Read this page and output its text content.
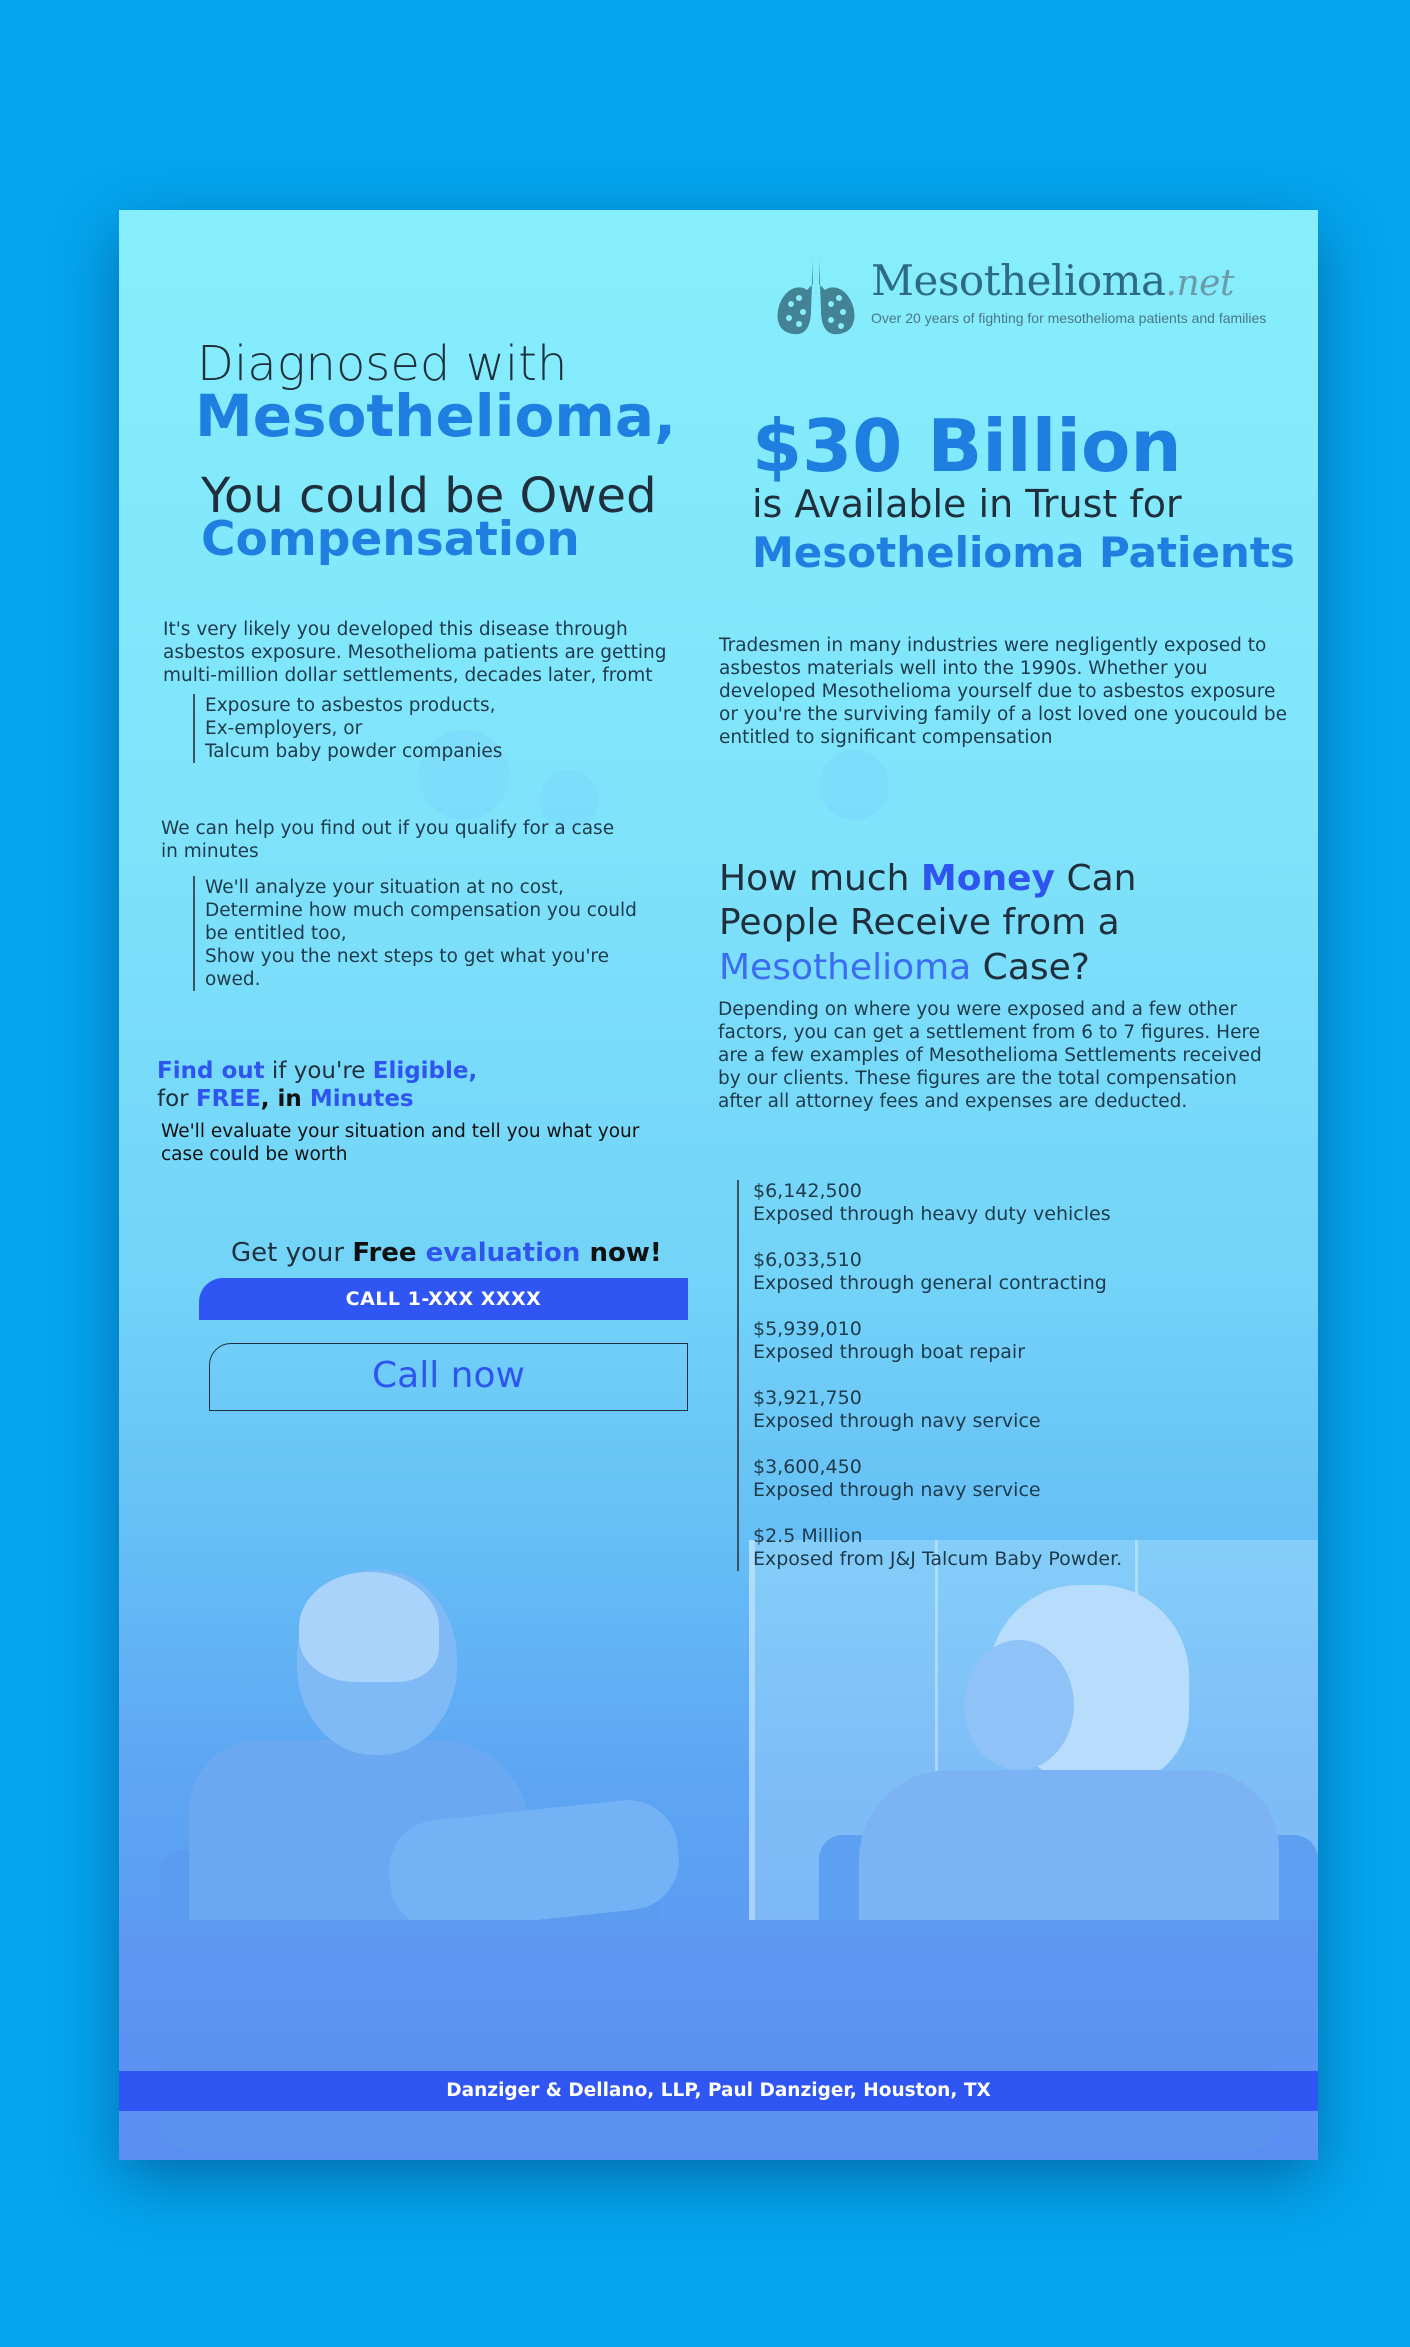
Mesothelioma.net
Over 20 years of fighting for mesothelioma patients and families
Diagnosed with
Mesothelioma,
You could be Owed
Compensation
$30 Billion
is Available in Trust for
Mesothelioma Patients
It's very likely you developed this disease through asbestos exposure. Mesothelioma patients are getting multi-million dollar settlements, decades later, fromt
Exposure to asbestos products,
Ex-employers, or
Talcum baby powder companies
We can help you find out if you qualify for a case in minutes
We'll analyze your situation at no cost,
Determine how much compensation you could be entitled too,
Show you the next steps to get what you're owed.
Tradesmen in many industries were negligently exposed to asbestos materials well into the 1990s. Whether you developed Mesothelioma yourself due to asbestos exposure or you're the surviving family of a lost loved one youcould be entitled to significant compensation
Find out if you're Eligible,
for FREE, in Minutes
We'll evaluate your situation and tell you what your case could be worth
Get your Free evaluation now!
CALL 1-XXX XXXX
Call now
How much Money Can
People Receive from a
Mesothelioma Case?
Depending on where you were exposed and a few other factors, you can get a settlement from 6 to 7 figures. Here are a few examples of Mesothelioma Settlements received by our clients. These figures are the total compensation after all attorney fees and expenses are deducted.
$6,142,500
Exposed through heavy duty vehicles
$6,033,510
Exposed through general contracting
$5,939,010
Exposed through boat repair
$3,921,750
Exposed through navy service
$3,600,450
Exposed through navy service
$2.5 Million
Exposed from J&J Talcum Baby Powder.
Danziger & Dellano, LLP, Paul Danziger, Houston, TX
